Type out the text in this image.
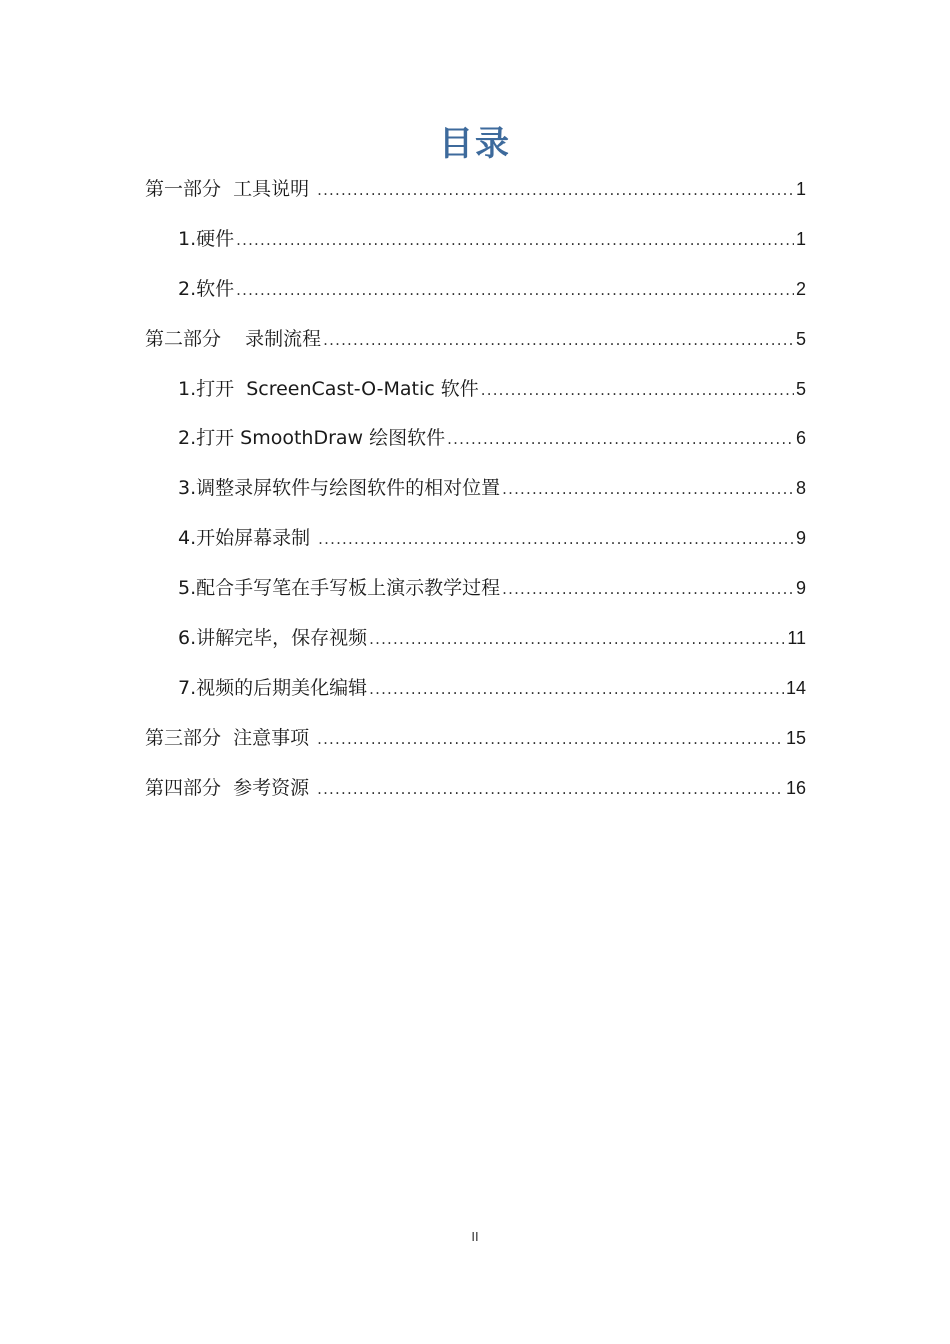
目录
第一部分  工具说明 .....	1
1.硬件 .....	1
2.软件 .....	2
第二部分    录制流程 .....	5
1.打开  ScreenCast-O-Matic 软件 .....	5
2.打开 SmoothDraw 绘图软件 .....	6
3.调整录屏软件与绘图软件的相对位置 .....	8
4.开始屏幕录制 .....	9
5.配合手写笔在手写板上演示教学过程 .....	9
6.讲解完毕，保存视频 .....	11
7.视频的后期美化编辑 .....	14
第三部分  注意事项 .....	15
第四部分  参考资源 .....	16
II
